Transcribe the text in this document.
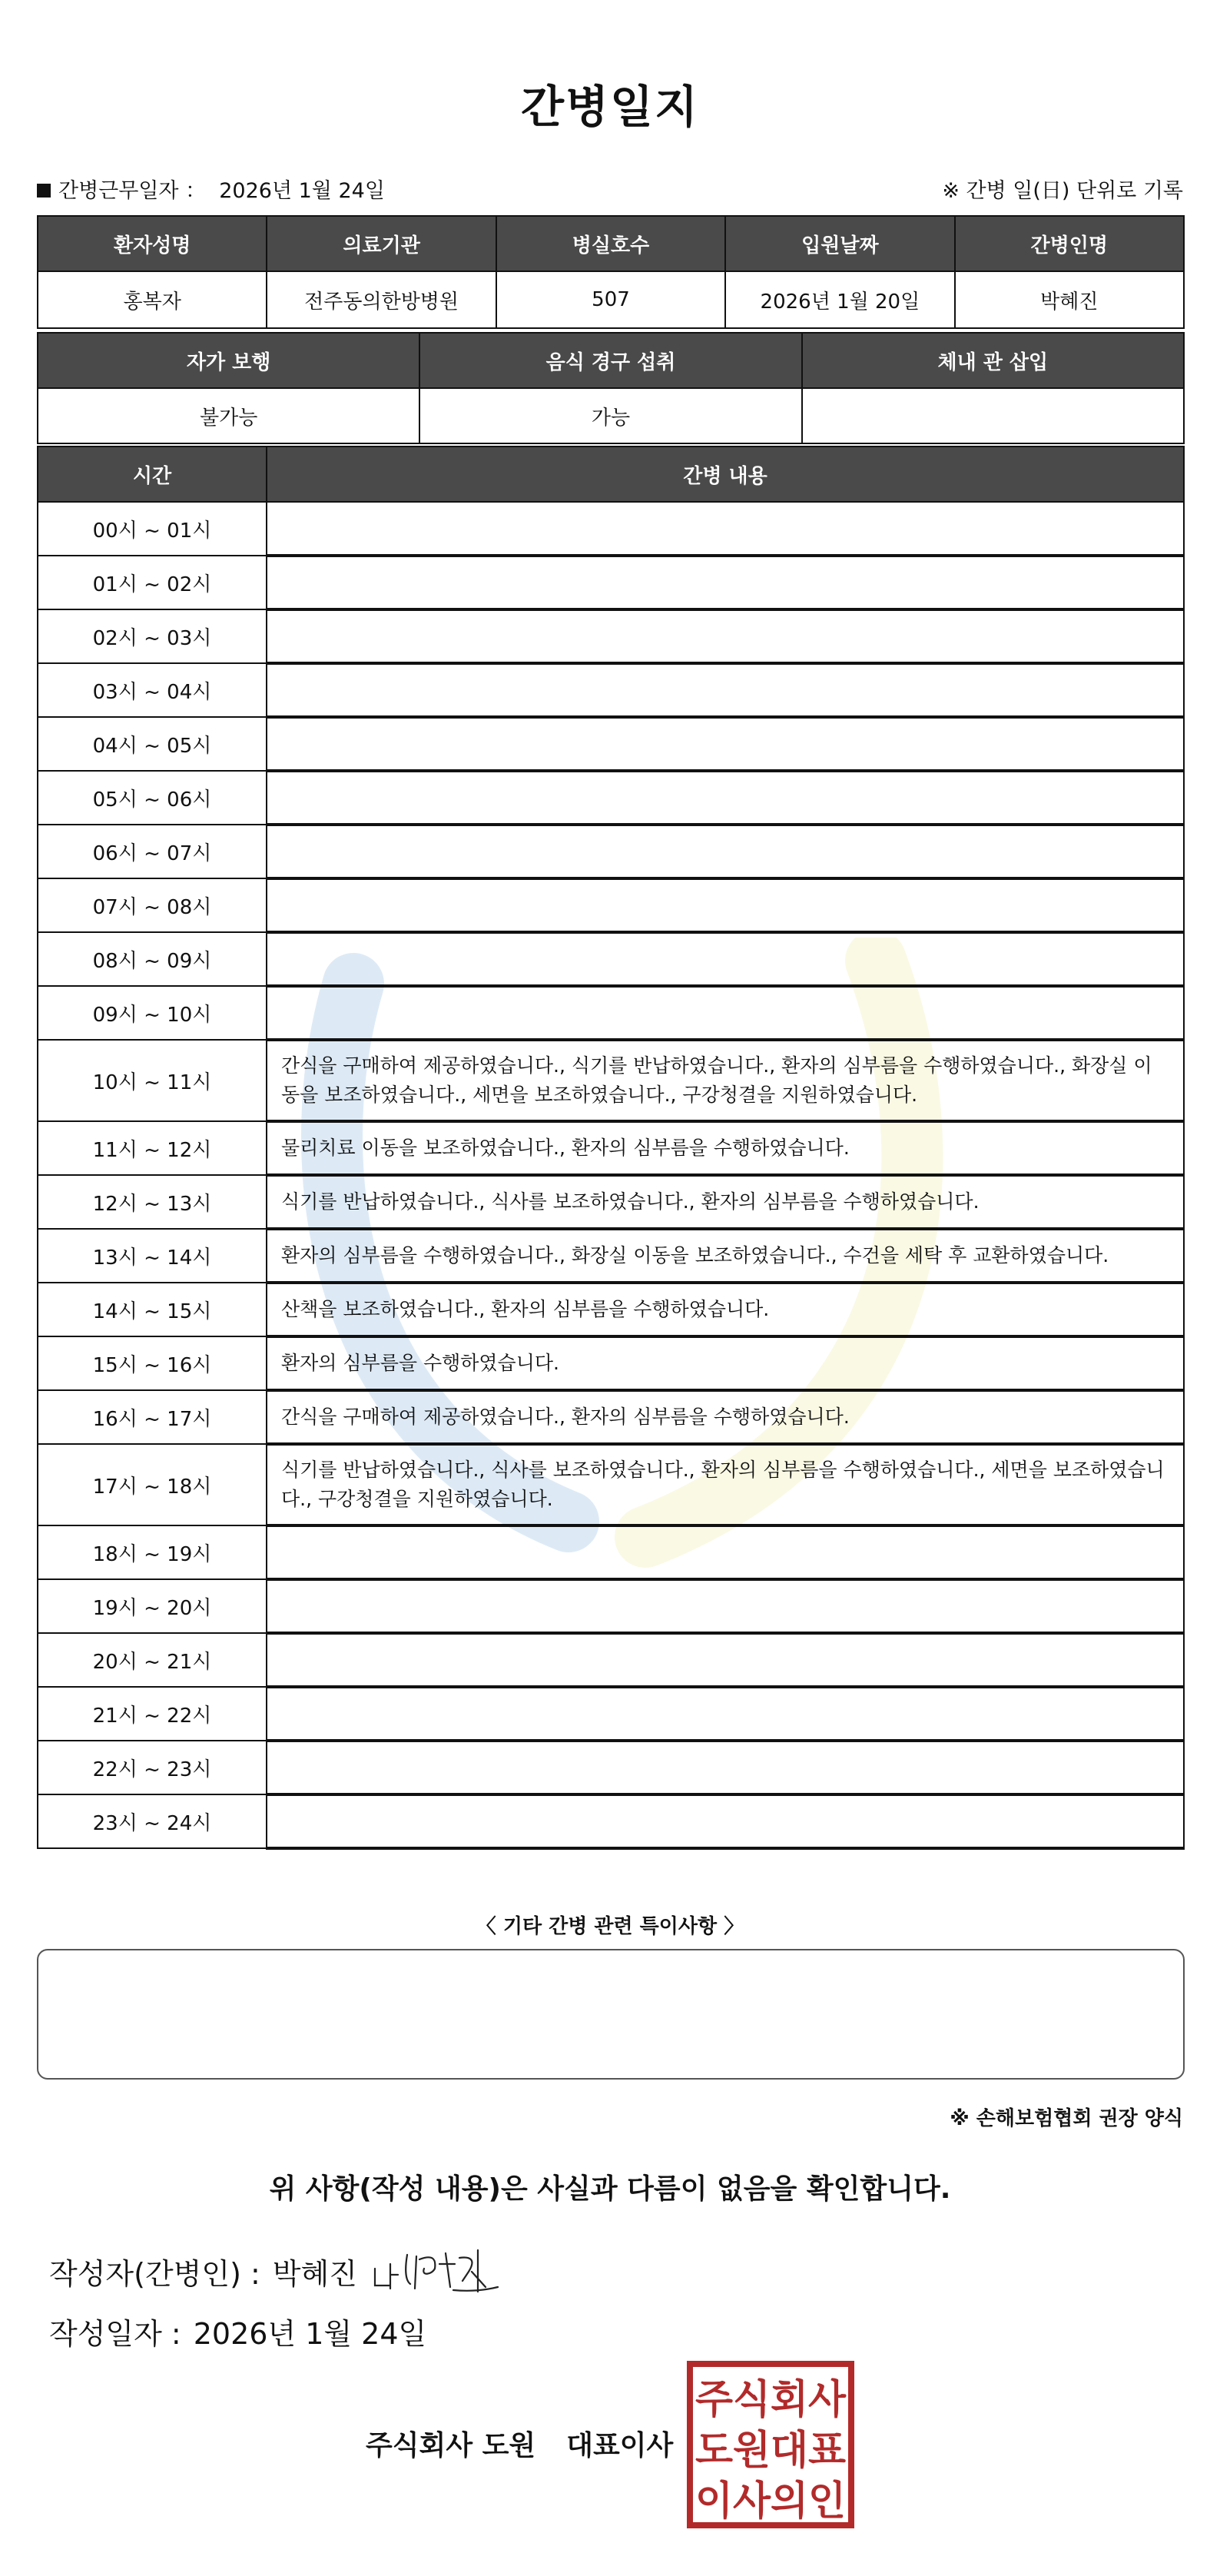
간병일지
간병근무일자 ： 2026년 1월 24일	※ 간병 일(日) 단위로 기록
환자성명	의료기관	병실호수	입원날짜	간병인명
홍복자	전주동의한방병원	507	2026년 1월 20일	박혜진
자가 보행	음식 경구 섭취	체내 관 삽입
불가능	가능	
시간	간병 내용
00시 ~ 01시	
01시 ~ 02시	
02시 ~ 03시	
03시 ~ 04시	
04시 ~ 05시	
05시 ~ 06시	
06시 ~ 07시	
07시 ~ 08시	
08시 ~ 09시	
09시 ~ 10시	
10시 ~ 11시	간식을 구매하여 제공하였습니다., 식기를 반납하였습니다., 환자의 심부름을 수행하였습니다., 화장실 이동을 보조하였습니다., 세면을 보조하였습니다., 구강청결을 지원하였습니다.
11시 ~ 12시	물리치료 이동을 보조하였습니다., 환자의 심부름을 수행하였습니다.
12시 ~ 13시	식기를 반납하였습니다., 식사를 보조하였습니다., 환자의 심부름을 수행하였습니다.
13시 ~ 14시	환자의 심부름을 수행하였습니다., 화장실 이동을 보조하였습니다., 수건을 세탁 후 교환하였습니다.
14시 ~ 15시	산책을 보조하였습니다., 환자의 심부름을 수행하였습니다.
15시 ~ 16시	환자의 심부름을 수행하였습니다.
16시 ~ 17시	간식을 구매하여 제공하였습니다., 환자의 심부름을 수행하였습니다.
17시 ~ 18시	식기를 반납하였습니다., 식사를 보조하였습니다., 환자의 심부름을 수행하였습니다., 세면을 보조하였습니다., 구강청결을 지원하였습니다.
18시 ~ 19시	
19시 ~ 20시	
20시 ~ 21시	
21시 ~ 22시	
22시 ~ 23시	
23시 ~ 24시	
〈 기타 간병 관련 특이사항 〉
※ 손해보험협회 권장 양식
위 사항(작성 내용)은 사실과 다름이 없음을 확인합니다.
작성자(간병인) : 박혜진
작성일자 : 2026년 1월 24일
주식회사 도원 대표이사
주식회사
도원대표
이사의인
